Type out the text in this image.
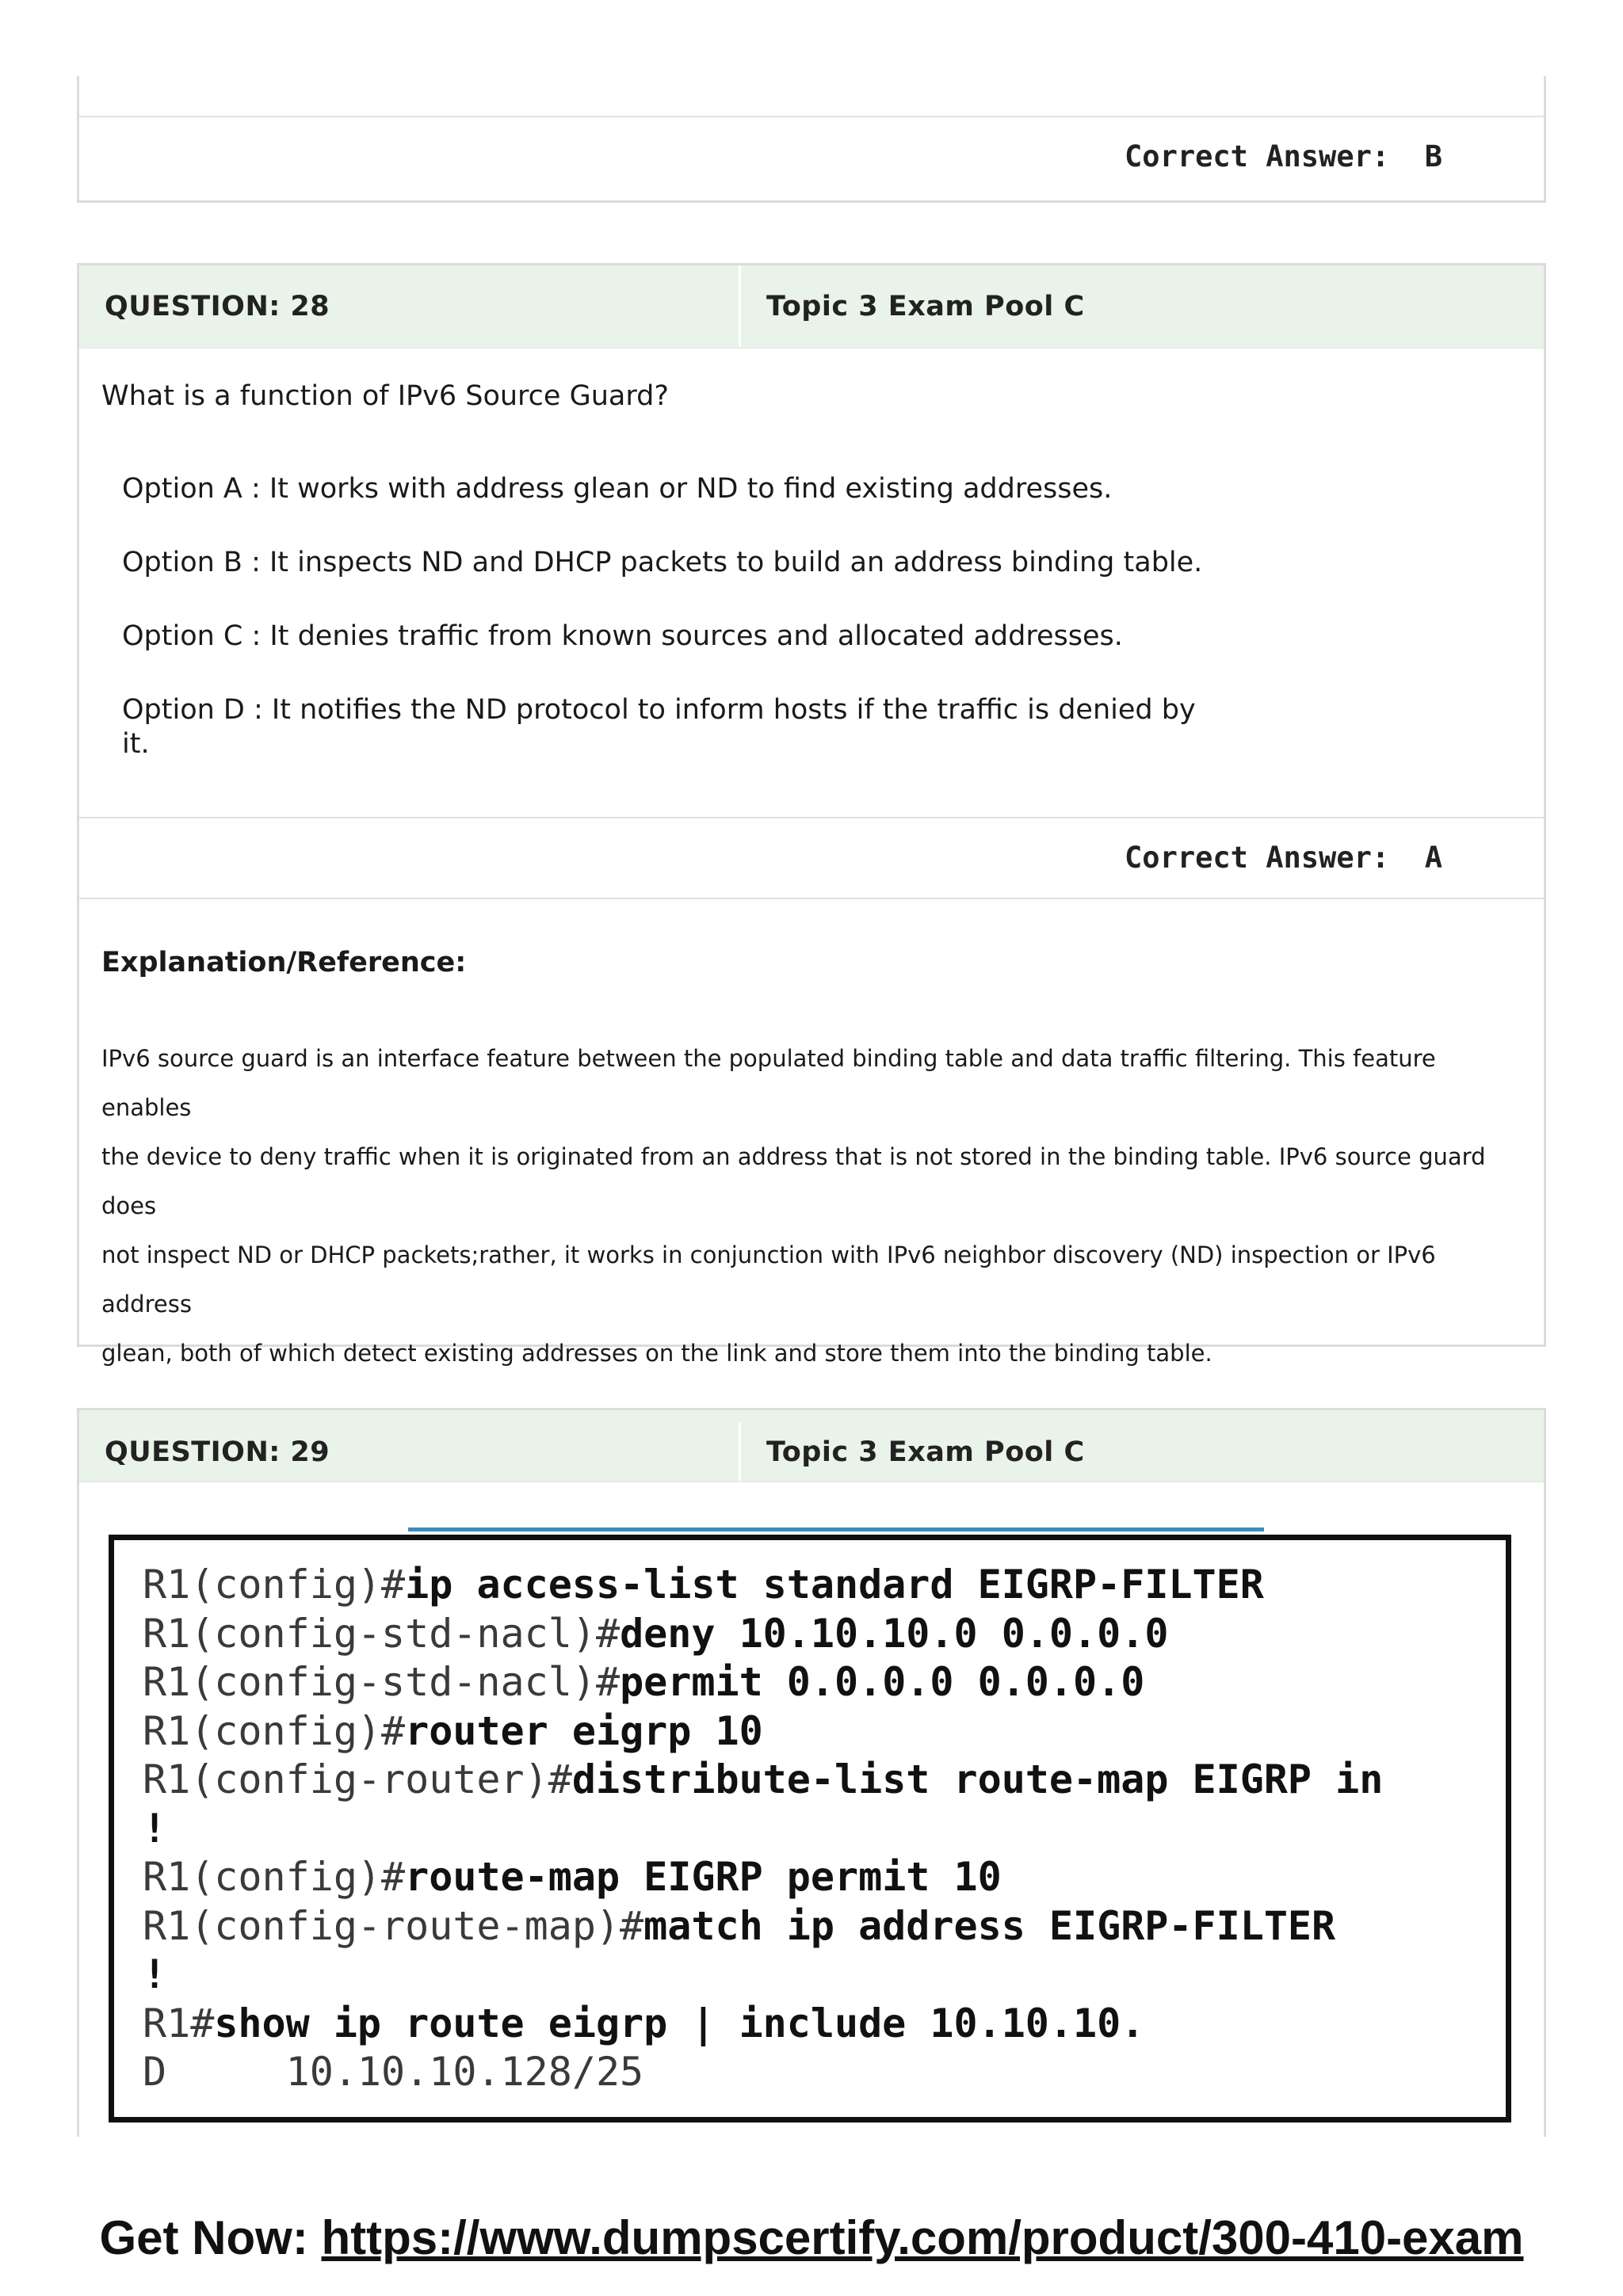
Correct Answer: B
QUESTION: 28	Topic 3 Exam Pool C
What is a function of IPv6 Source Guard?
Option A : It works with address glean or ND to find existing addresses.
Option B : It inspects ND and DHCP packets to build an address binding table.
Option C : It denies traffic from known sources and allocated addresses.
Option D : It notifies the ND protocol to inform hosts if the traffic is denied by it.
Correct Answer: A
Explanation/Reference:
IPv6 source guard is an interface feature between the populated binding table and data traffic filtering. This feature enables
the device to deny traffic when it is originated from an address that is not stored in the binding table. IPv6 source guard does
not inspect ND or DHCP packets;rather, it works in conjunction with IPv6 neighbor discovery (ND) inspection or IPv6 address
glean, both of which detect existing addresses on the link and store them into the binding table.
QUESTION: 29	Topic 3 Exam Pool C
R1(config)#ip access-list standard EIGRP-FILTER
R1(config-std-nacl)#deny 10.10.10.0 0.0.0.0
R1(config-std-nacl)#permit 0.0.0.0 0.0.0.0
R1(config)#router eigrp 10
R1(config-router)#distribute-list route-map EIGRP in
!
R1(config)#route-map EIGRP permit 10
R1(config-route-map)#match ip address EIGRP-FILTER
!
R1#show ip route eigrp | include 10.10.10.
D     10.10.10.128/25
Get Now: https://www.dumpscertify.com/product/300-410-exam
